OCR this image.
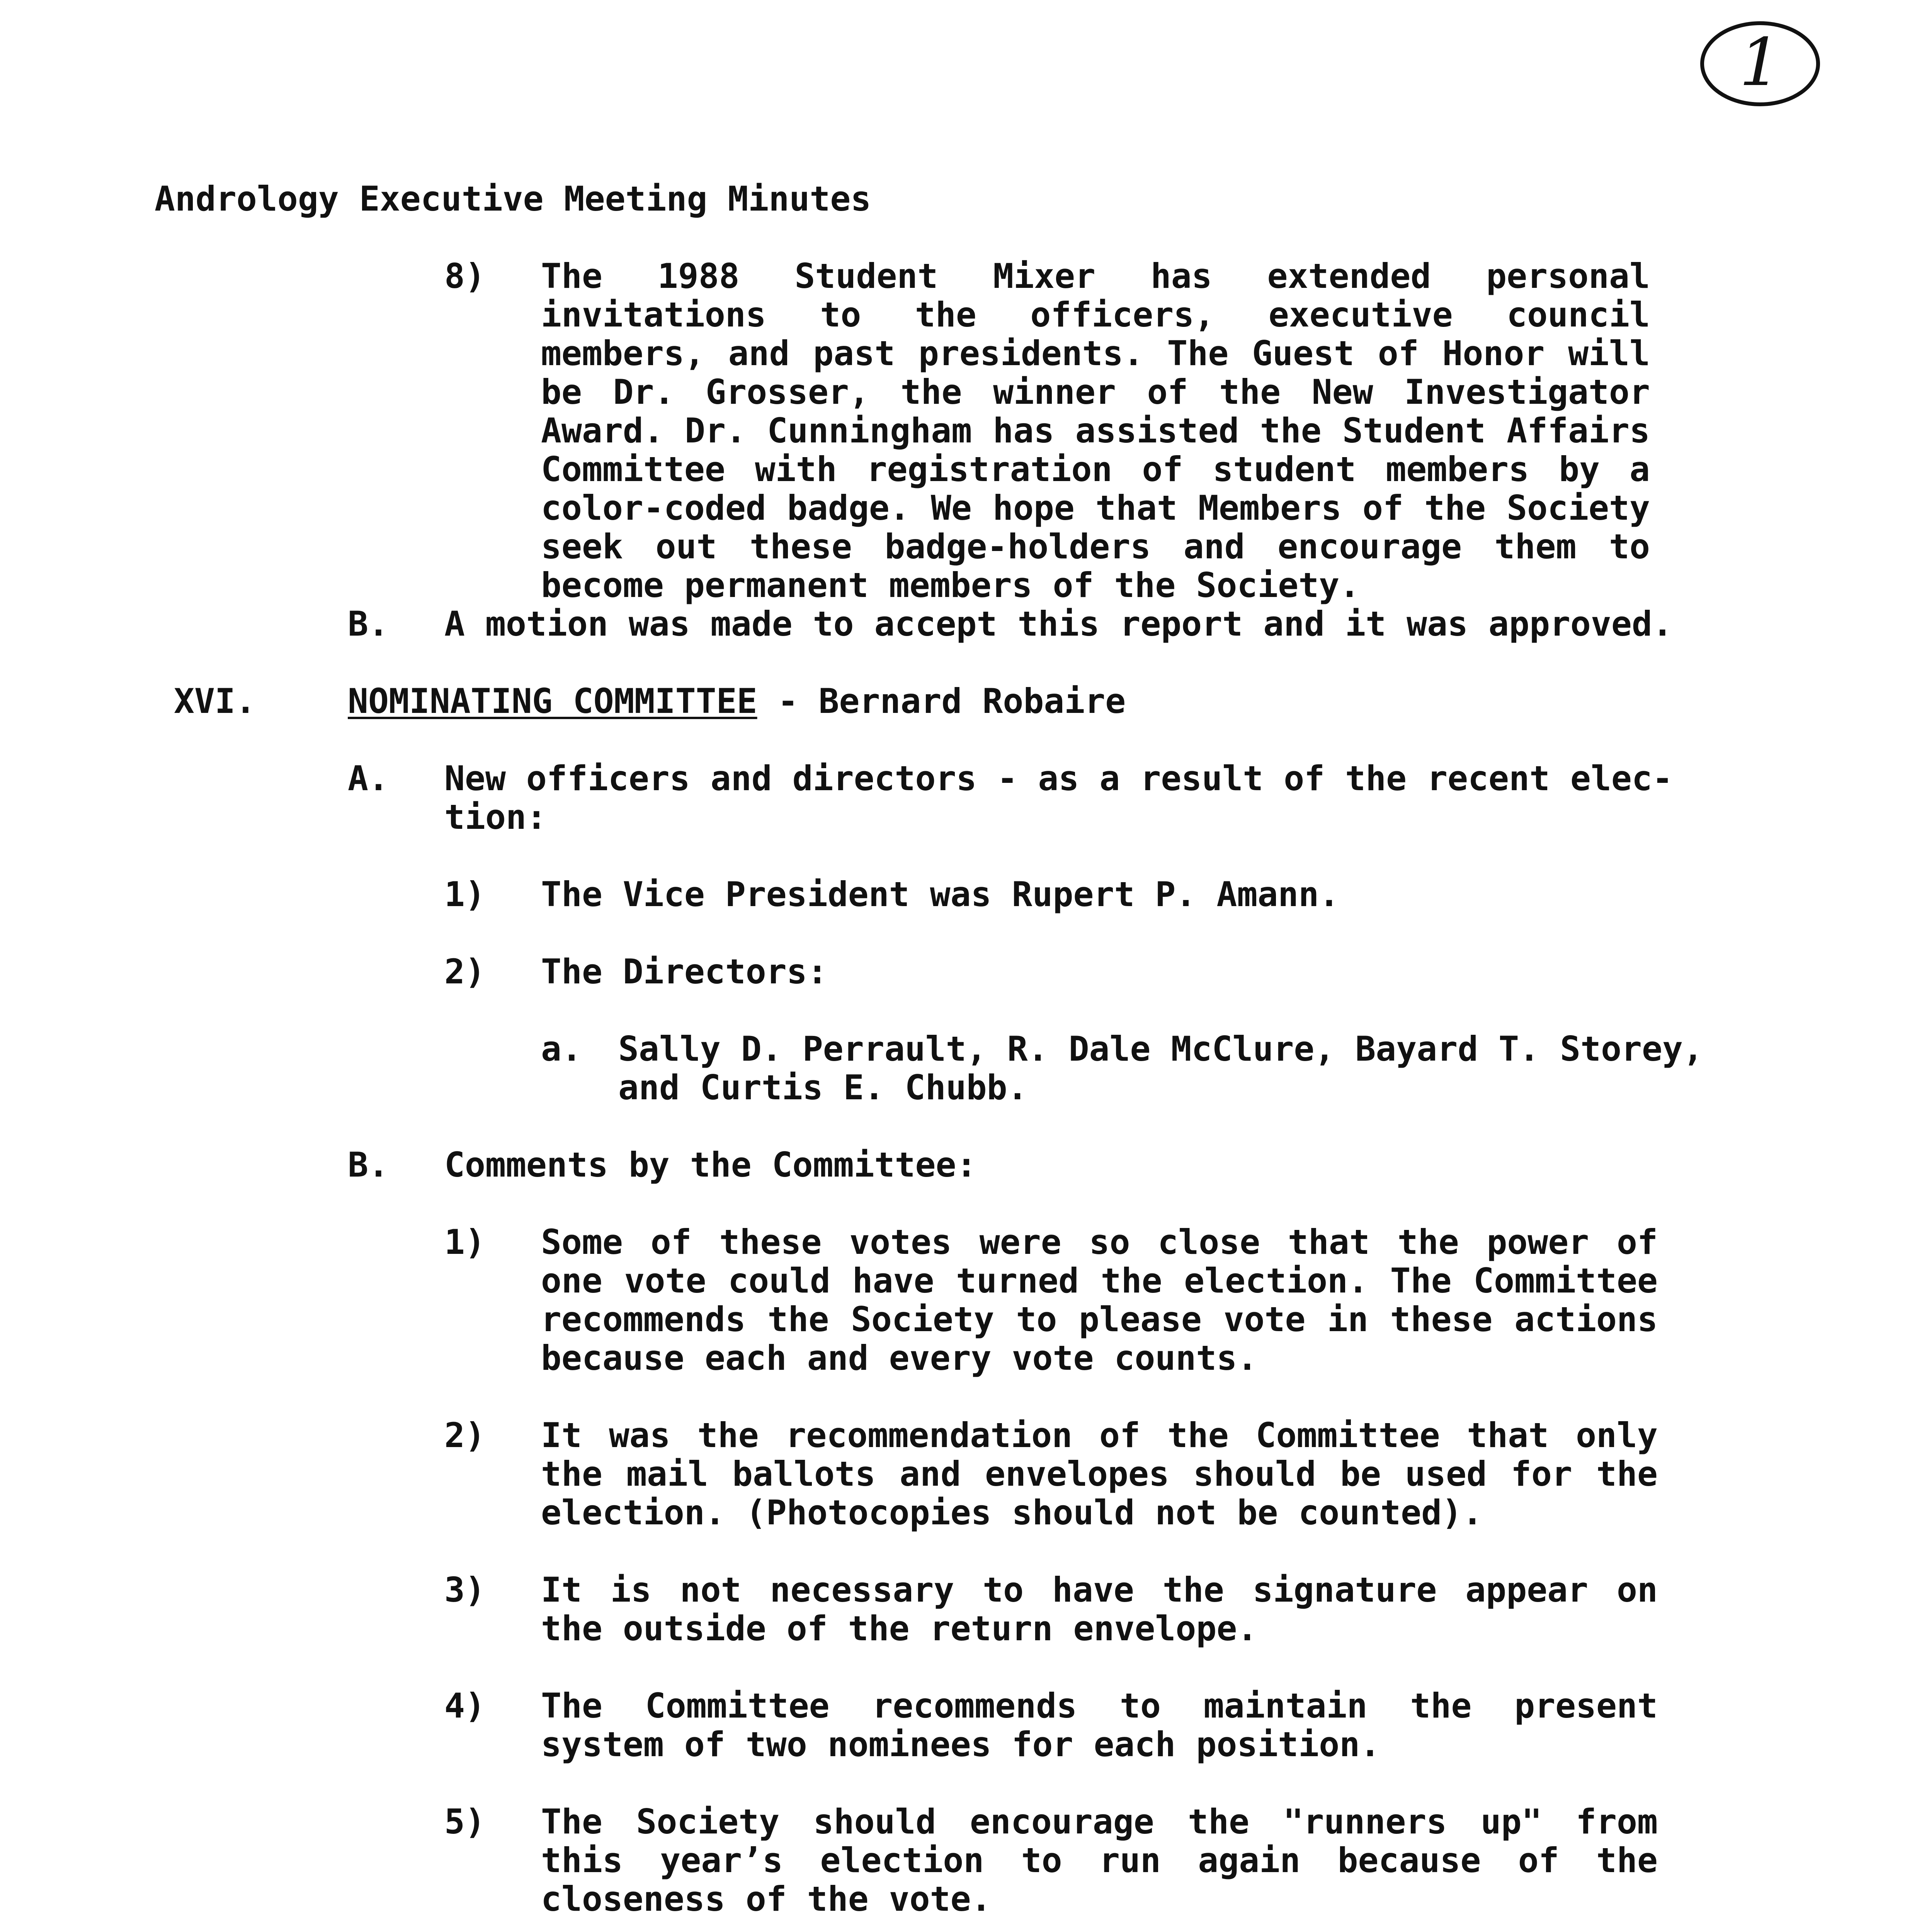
1
Andrology Executive Meeting Minutes
8) The 1988 Student Mixer has extended personal invitations to the officers, executive council members, and past presidents. The Guest of Honor will be Dr. Grosser, the winner of the New Investigator Award. Dr. Cunningham has assisted the Student Affairs Committee with registration of student members by a color-coded badge. We hope that Members of the Society seek out these badge-holders and encourage them to become permanent members of the Society.
B. A motion was made to accept this report and it was approved.
XVI.	NOMINATING COMMITTEE - Bernard Robaire
A. New officers and directors - as a result of the recent elec-
tion:
1) The Vice President was Rupert P. Amann.
2) The Directors:
a. Sally D. Perrault, R. Dale McClure, Bayard T. Storey,
and Curtis E. Chubb.
B. Comments by the Committee:
1) Some of these votes were so close that the power of one vote could have turned the election. The Committee recommends the Society to please vote in these actions because each and every vote counts.
2) It was the recommendation of the Committee that only the mail ballots and envelopes should be used for the election. (Photocopies should not be counted).
3) It is not necessary to have the signature appear on the outside of the return envelope.
4) The Committee recommends to maintain the present system of two nominees for each position.
5) The Society should encourage the "runners up" from this year’s election to run again because of the closeness of the vote.
